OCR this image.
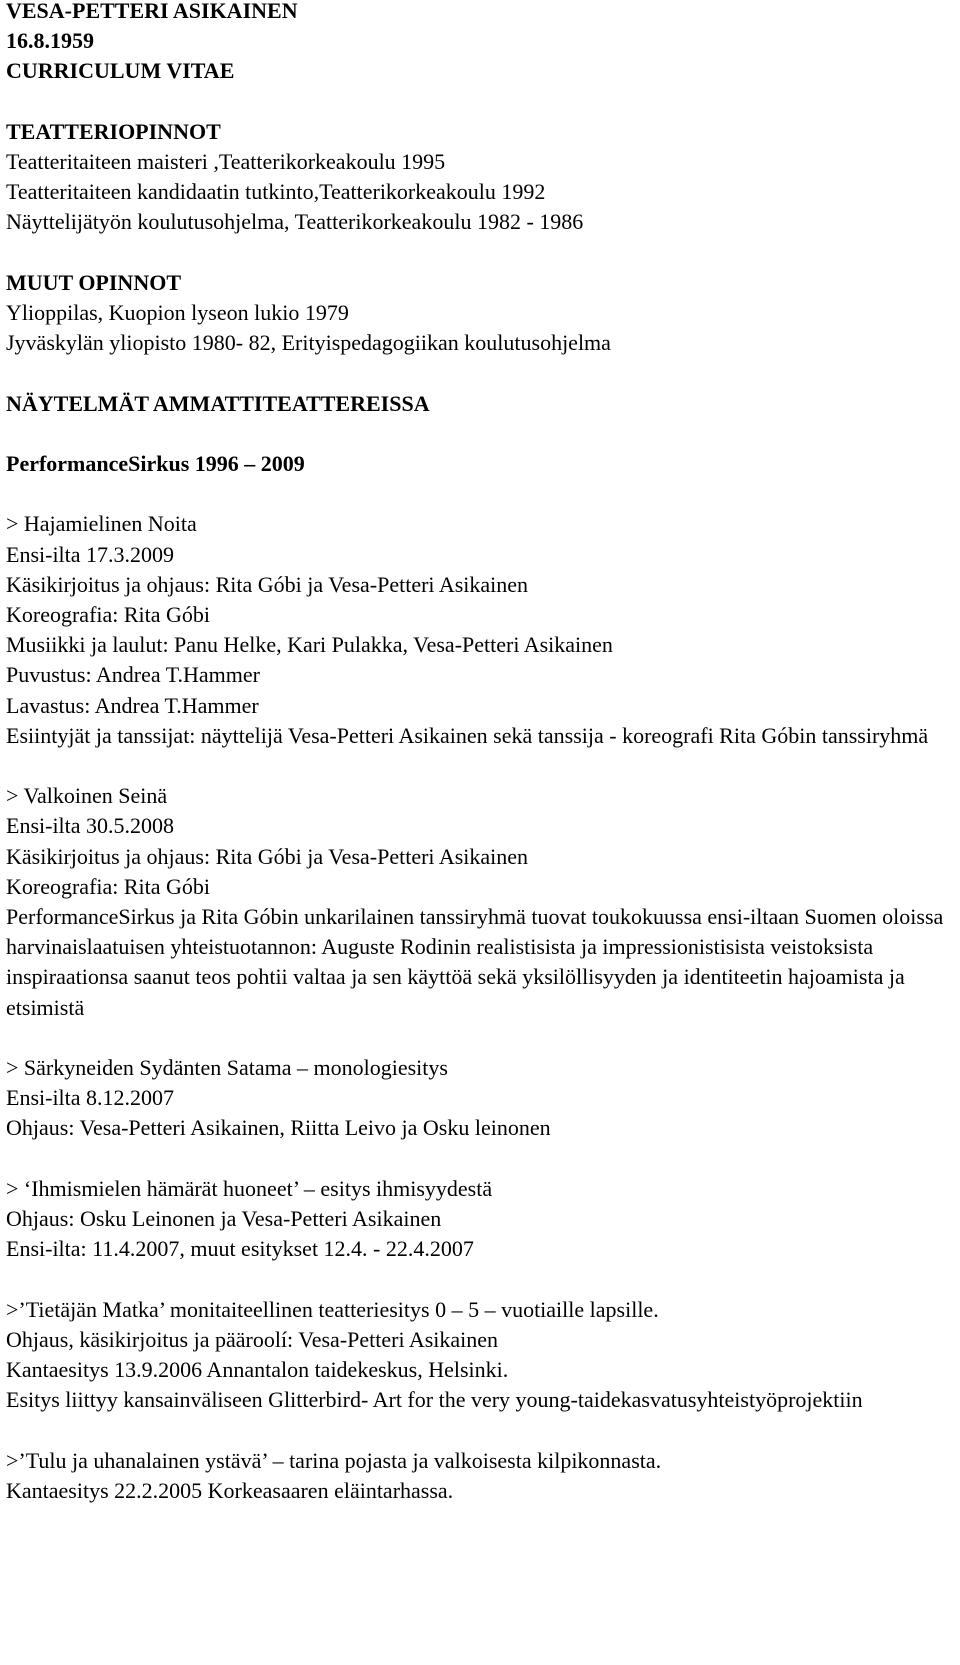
VESA-PETTERI ASIKAINEN
16.8.1959
CURRICULUM VITAE
TEATTERIOPINNOT
Teatteritaiteen maisteri ,Teatterikorkeakoulu 1995
Teatteritaiteen kandidaatin tutkinto,Teatterikorkeakoulu 1992
Näyttelijätyön koulutusohjelma, Teatterikorkeakoulu 1982 - 1986
MUUT OPINNOT
Ylioppilas, Kuopion lyseon lukio 1979
Jyväskylän yliopisto 1980- 82, Erityispedagogiikan koulutusohjelma
NÄYTELMÄT AMMATTITEATTEREISSA
PerformanceSirkus 1996 – 2009
> Hajamielinen Noita
Ensi-ilta 17.3.2009
Käsikirjoitus ja ohjaus: Rita Góbi ja Vesa-Petteri Asikainen
Koreografia: Rita Góbi
Musiikki ja laulut: Panu Helke, Kari Pulakka, Vesa-Petteri Asikainen
Puvustus: Andrea T.Hammer
Lavastus: Andrea T.Hammer
Esiintyjät ja tanssijat: näyttelijä Vesa-Petteri Asikainen sekä tanssija - koreografi Rita Góbin tanssiryhmä
> Valkoinen Seinä
Ensi-ilta 30.5.2008
Käsikirjoitus ja ohjaus: Rita Góbi ja Vesa-Petteri Asikainen
Koreografia: Rita Góbi
PerformanceSirkus ja Rita Góbin unkarilainen tanssiryhmä tuovat toukokuussa ensi-iltaan Suomen oloissa harvinaislaatuisen yhteistuotannon: Auguste Rodinin realistisista ja impressionistisista veistoksista inspiraationsa saanut teos pohtii valtaa ja sen käyttöä sekä yksilöllisyyden ja identiteetin hajoamista ja etsimistä
> Särkyneiden Sydänten Satama – monologiesitys
Ensi-ilta 8.12.2007
Ohjaus: Vesa-Petteri Asikainen, Riitta Leivo ja Osku leinonen
> ‘Ihmismielen hämärät huoneet’ – esitys ihmisyydestä
Ohjaus: Osku Leinonen ja Vesa-Petteri Asikainen
Ensi-ilta: 11.4.2007, muut esitykset 12.4. - 22.4.2007
>’Tietäjän Matka’ monitaiteellinen teatteriesitys 0 – 5 – vuotiaille lapsille.
Ohjaus, käsikirjoitus ja pääroolí: Vesa-Petteri Asikainen
Kantaesitys 13.9.2006 Annantalon taidekeskus, Helsinki.
Esitys liittyy kansainväliseen Glitterbird- Art for the very young-taidekasvatusyhteistyöprojektiin
>’Tulu ja uhanalainen ystävä’ – tarina pojasta ja valkoisesta kilpikonnasta.
Kantaesitys 22.2.2005 Korkeasaaren eläintarhassa.
